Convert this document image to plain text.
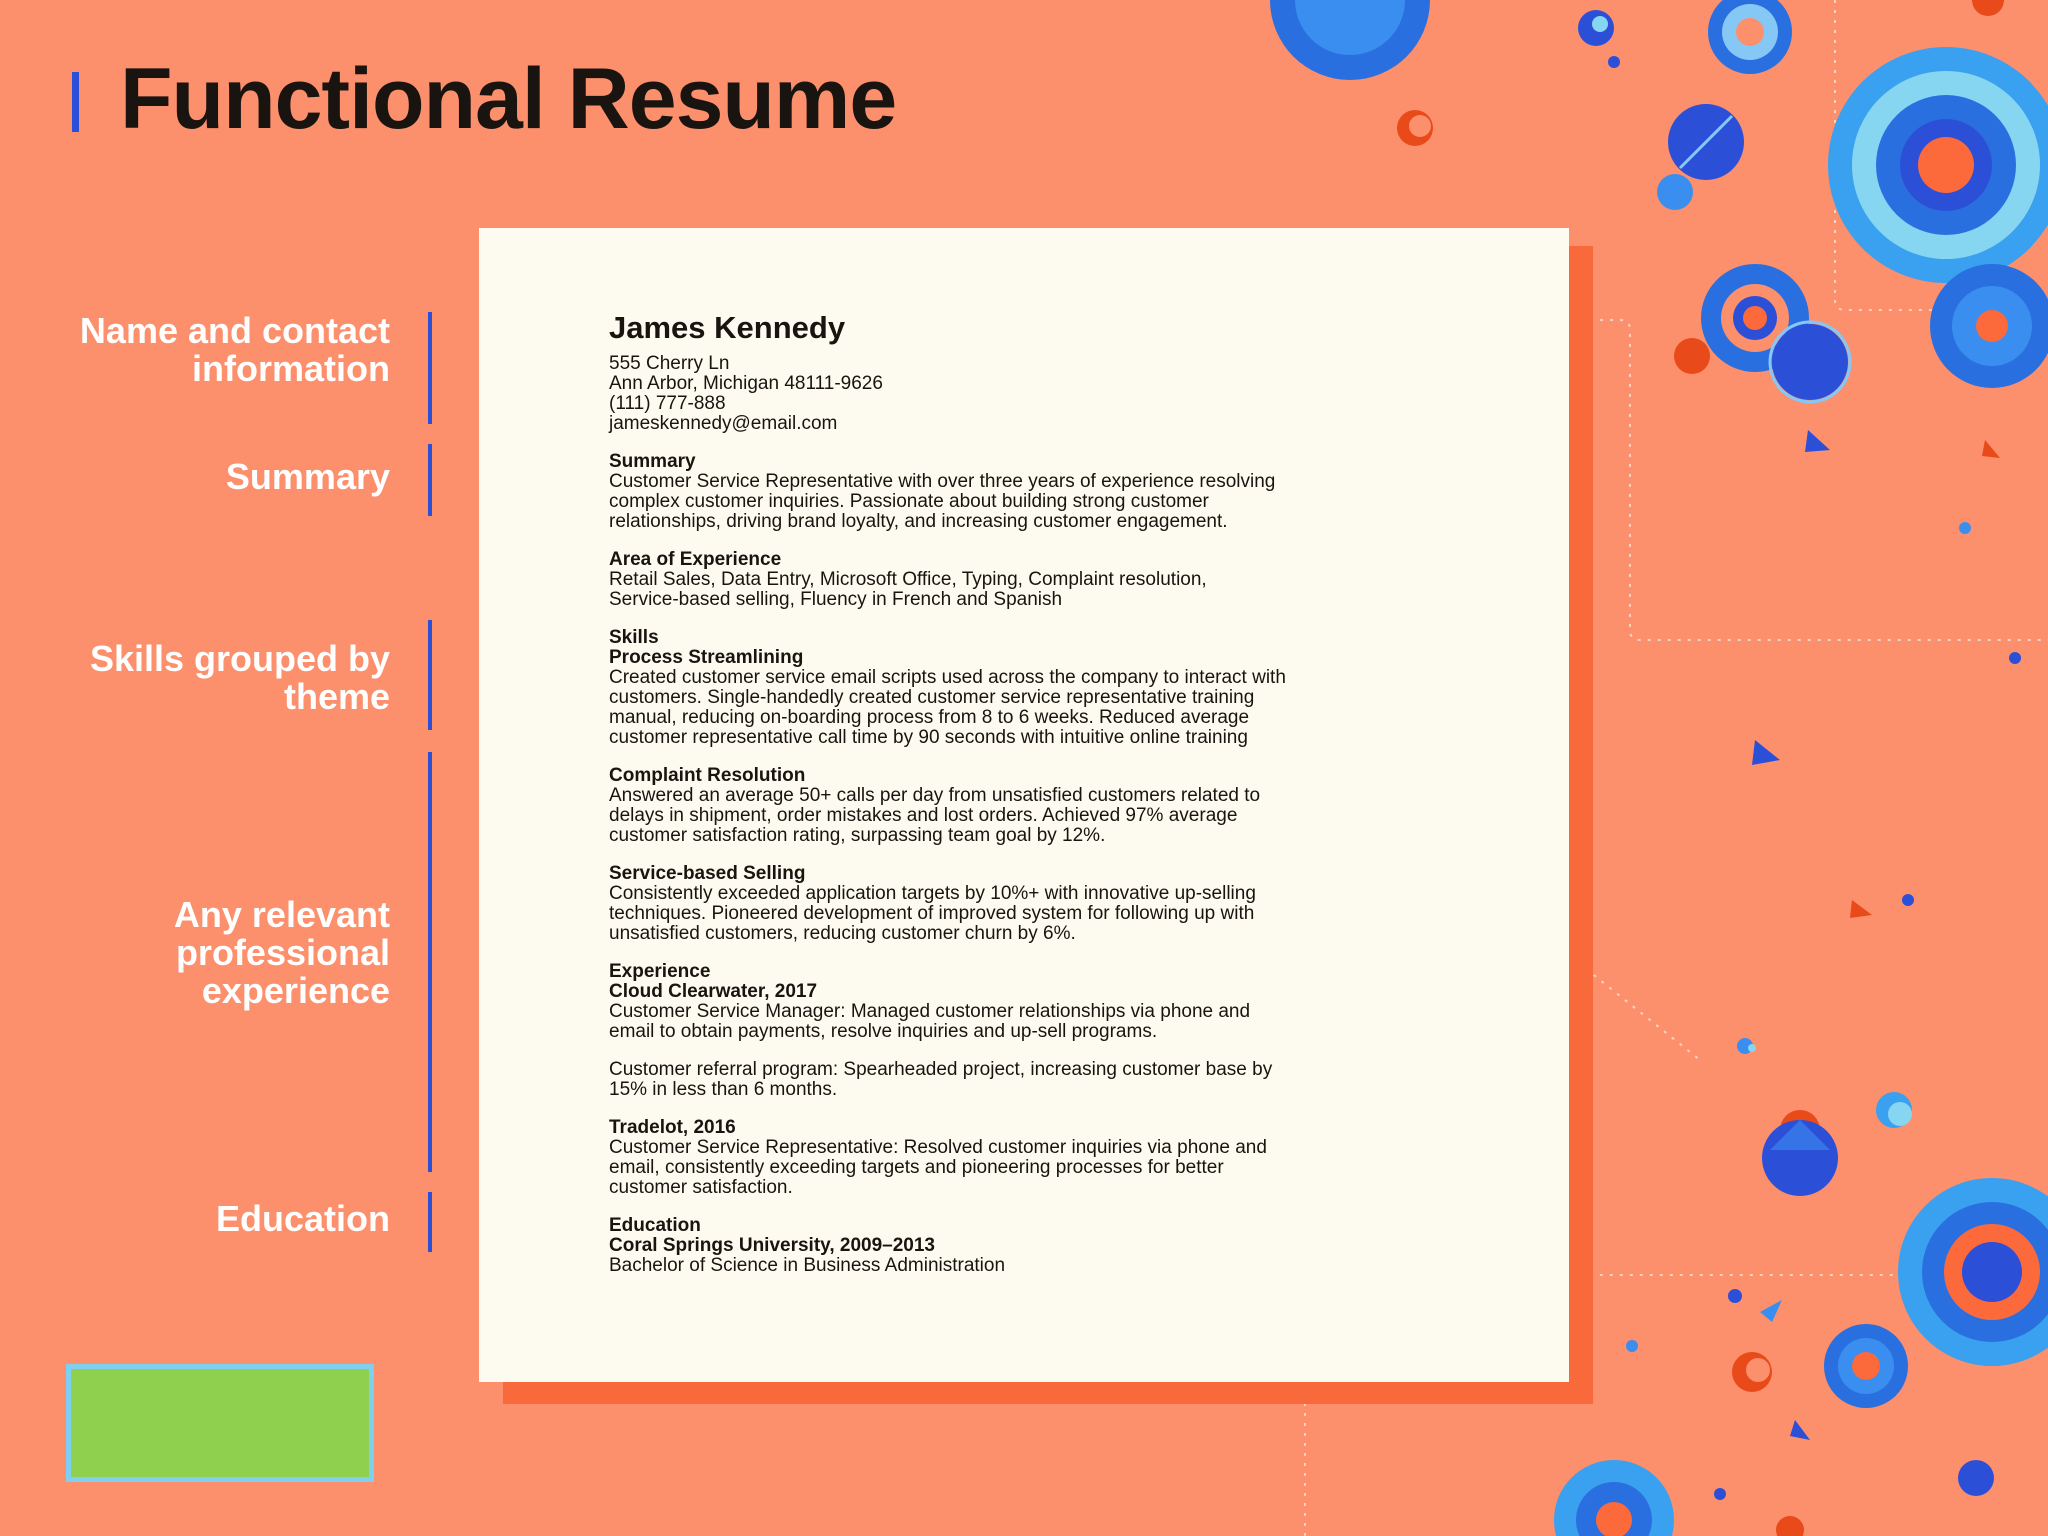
Functional Resume
Name and contact information
Summary
Skills grouped by theme
Any relevant professional experience
Education

James Kennedy

555 Cherry Ln

Ann Arbor, Michigan 48111-9626

(111) 777-888

jameskennedy@email.com

Summary

Customer Service Representative with over three years of experience resolving

complex customer inquiries. Passionate about building strong customer

relationships, driving brand loyalty, and increasing customer engagement.

Area of Experience

Retail Sales, Data Entry, Microsoft Office, Typing, Complaint resolution,

Service-based selling, Fluency in French and Spanish

Skills

Process Streamlining

Created customer service email scripts used across the company to interact with

customers. Single-handedly created customer service representative training

manual, reducing on-boarding process from 8 to 6 weeks. Reduced average

customer representative call time by 90 seconds with intuitive online training

Complaint Resolution

Answered an average 50+ calls per day from unsatisfied customers related to

delays in shipment, order mistakes and lost orders. Achieved 97% average

customer satisfaction rating, surpassing team goal by 12%.

Service-based Selling

Consistently exceeded application targets by 10%+ with innovative up-selling

techniques. Pioneered development of improved system for following up with

unsatisfied customers, reducing customer churn by 6%.

Experience

Cloud Clearwater, 2017

Customer Service Manager: Managed customer relationships via phone and

email to obtain payments, resolve inquiries and up-sell programs.

Customer referral program: Spearheaded project, increasing customer base by

15% in less than 6 months.

Tradelot, 2016

Customer Service Representative: Resolved customer inquiries via phone and

email, consistently exceeding targets and pioneering processes for better

customer satisfaction.

Education

Coral Springs University, 2009–2013

Bachelor of Science in Business Administration
